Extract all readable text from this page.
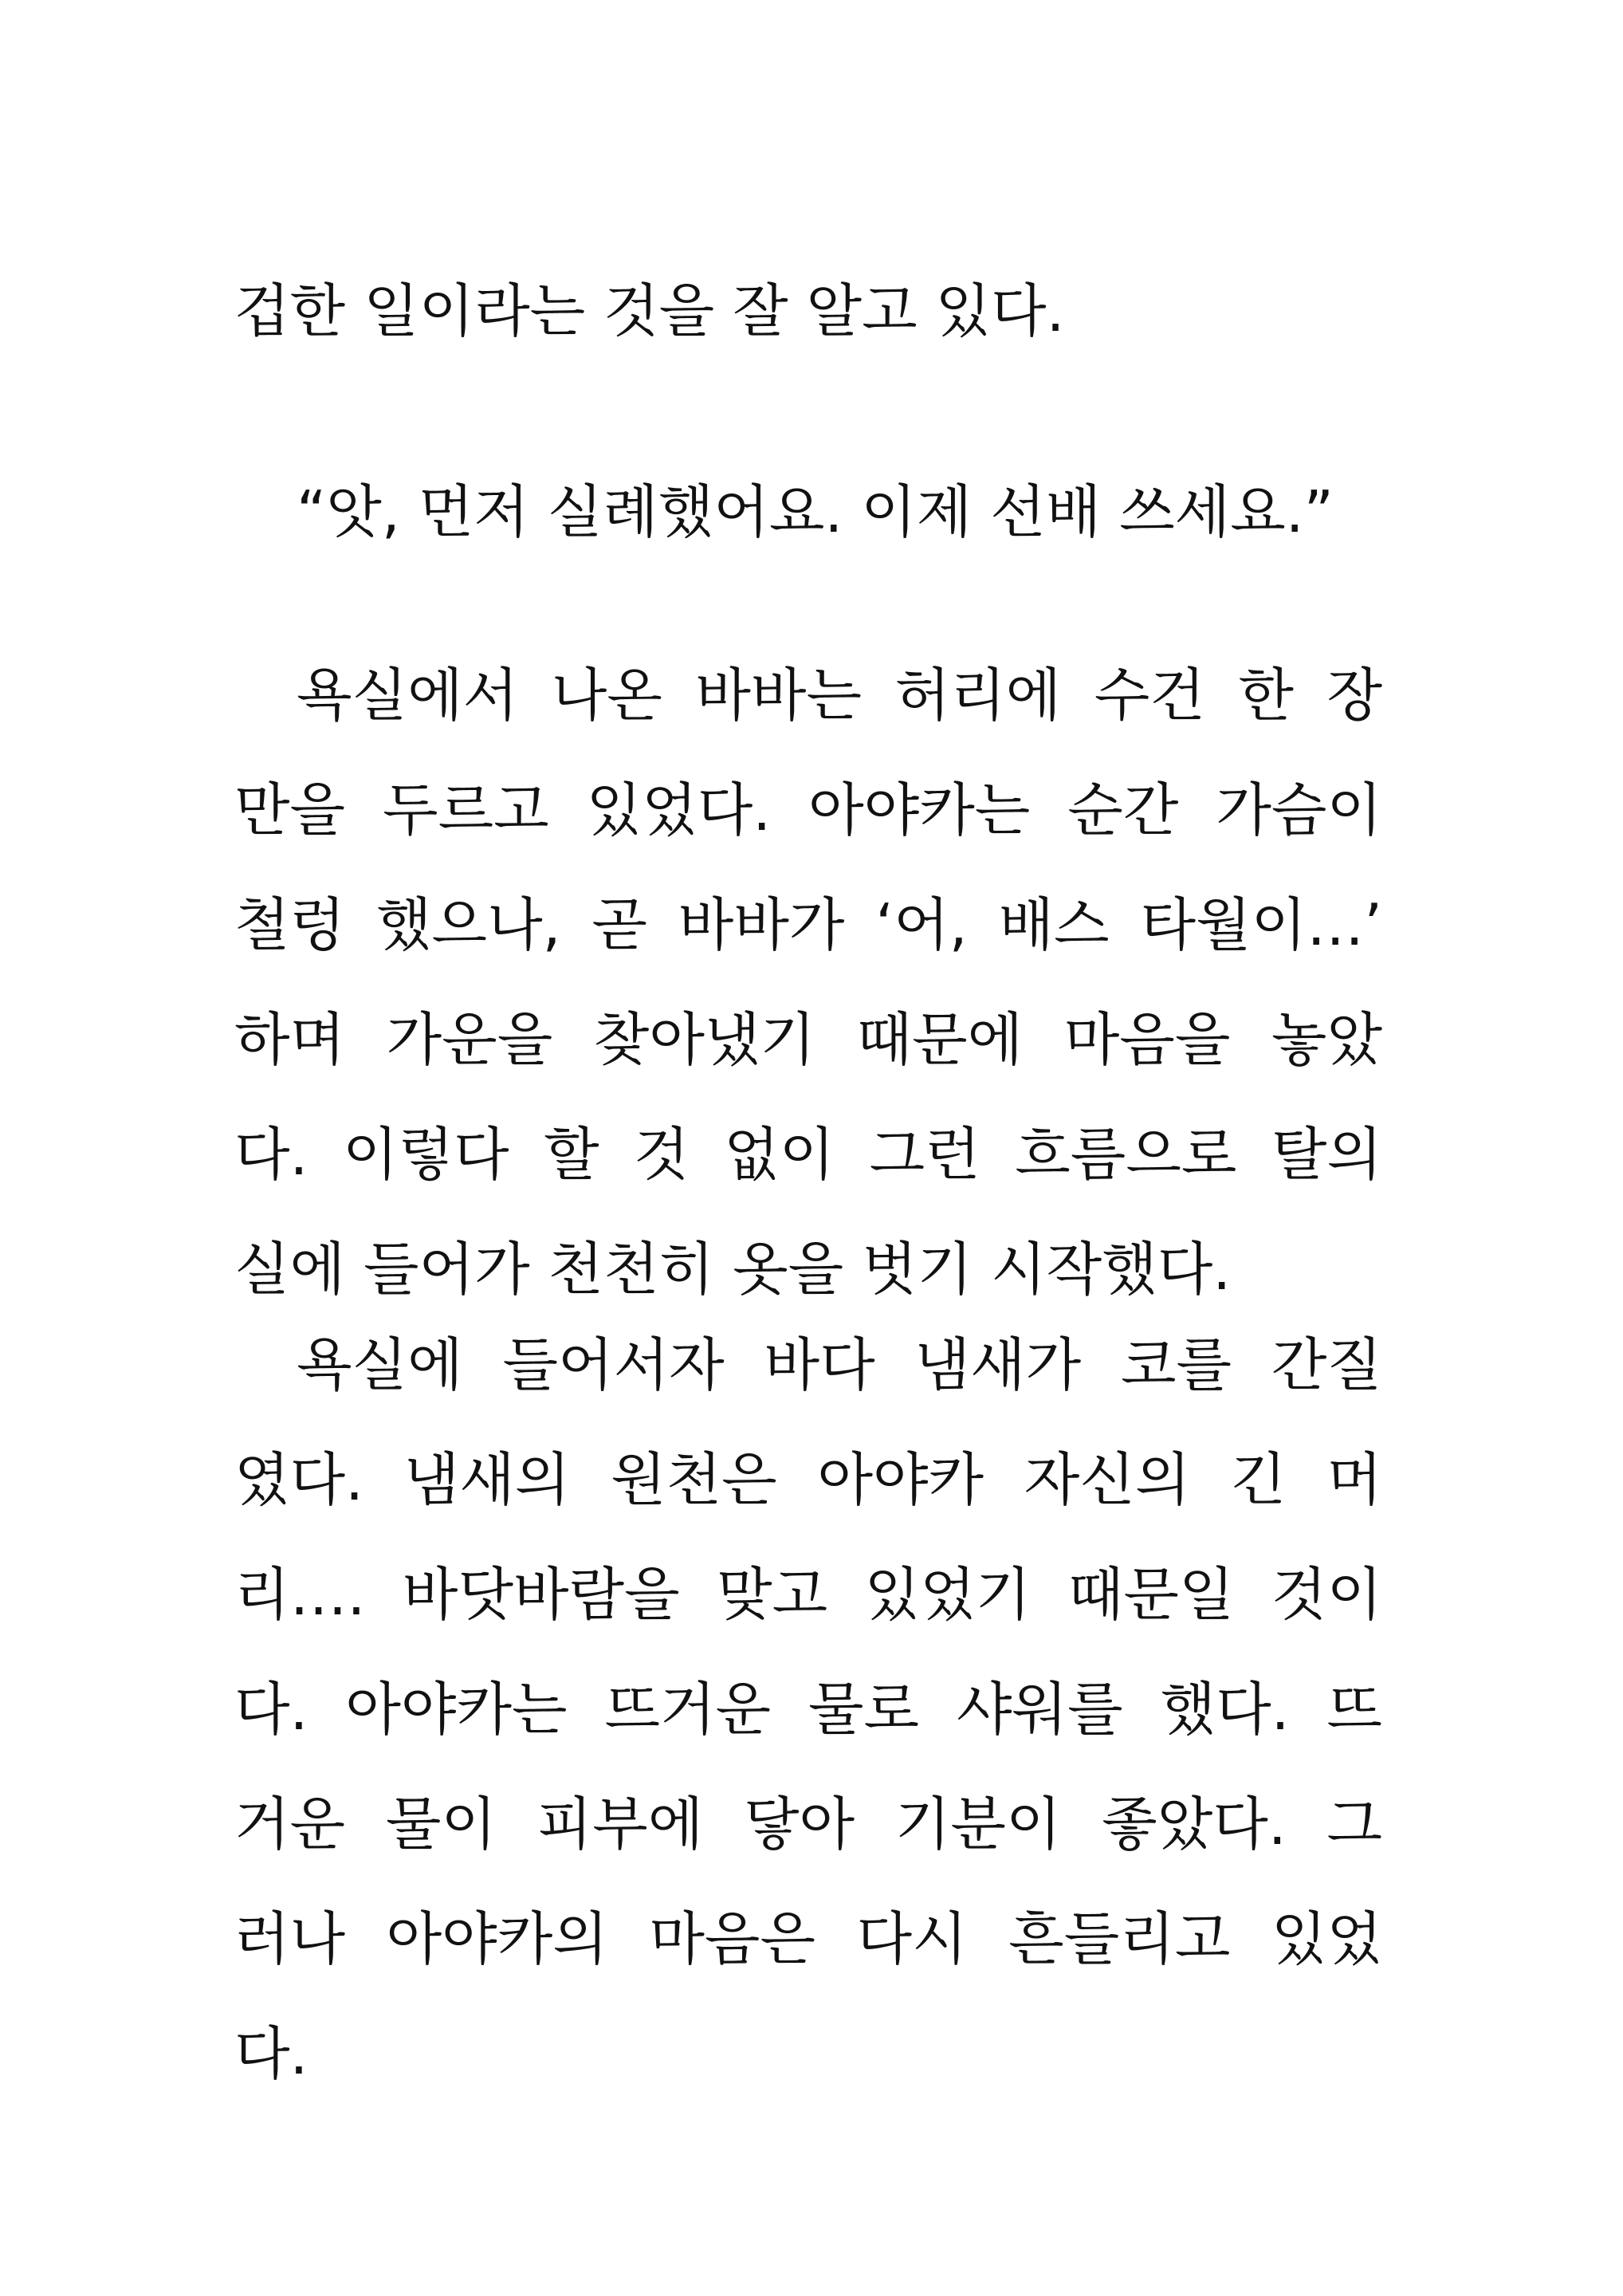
겁한 일이라는 것을 잘 알고 있다.
“앗, 먼저 실례했어요. 이제 선배 쓰세요.”
욕실에서 나온 바바는 허리에 수건 한 장
만을 두르고 있었다. 아야카는 순간 가슴이
철렁 했으나, 곧 바바가 ‘어, 배스 타월이…’
하며 가운을 찾아냈기 때문에 마음을 놓았
다. 이렇다 할 것 없이 그런 흐름으로 탈의
실에 들어가 천천히 옷을 벗기 시작했다.
욕실에 들어서자 바다 냄새가 코를 간질
였다. 냄새의 원천은 아야카 자신의 긴 머
리…. 바닷바람을 맞고 있었기 때문일 것이
다. 아야카는 뜨거운 물로 샤워를 했다. 뜨
거운 물이 피부에 닿아 기분이 좋았다. 그
러나 아야카의 마음은 다시 흔들리고 있었
다.
